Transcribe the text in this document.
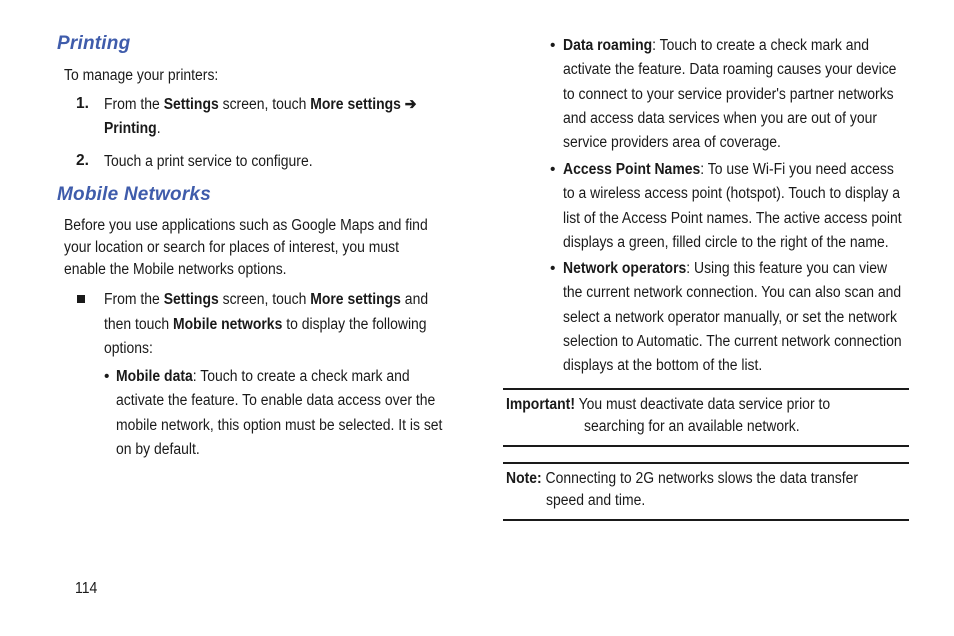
Printing
To manage your printers:
1. From the Settings screen, touch More settings ➔
Printing.
2. Touch a print service to configure.
Mobile Networks
Before you use applications such as Google Maps and find
your location or search for places of interest, you must
enable the Mobile networks options.
From the Settings screen, touch More settings and
then touch Mobile networks to display the following
options:
• Mobile data: Touch to create a check mark and
activate the feature. To enable data access over the
mobile network, this option must be selected. It is set
on by default.
114
• Data roaming: Touch to create a check mark and
activate the feature. Data roaming causes your device
to connect to your service provider's partner networks
and access data services when you are out of your
service providers area of coverage.
• Access Point Names: To use Wi-Fi you need access
to a wireless access point (hotspot). Touch to display a
list of the Access Point names. The active access point
displays a green, filled circle to the right of the name.
• Network operators: Using this feature you can view
the current network connection. You can also scan and
select a network operator manually, or set the network
selection to Automatic. The current network connection
displays at the bottom of the list.
Important! You must deactivate data service prior to
searching for an available network.
Note: Connecting to 2G networks slows the data transfer
speed and time.
